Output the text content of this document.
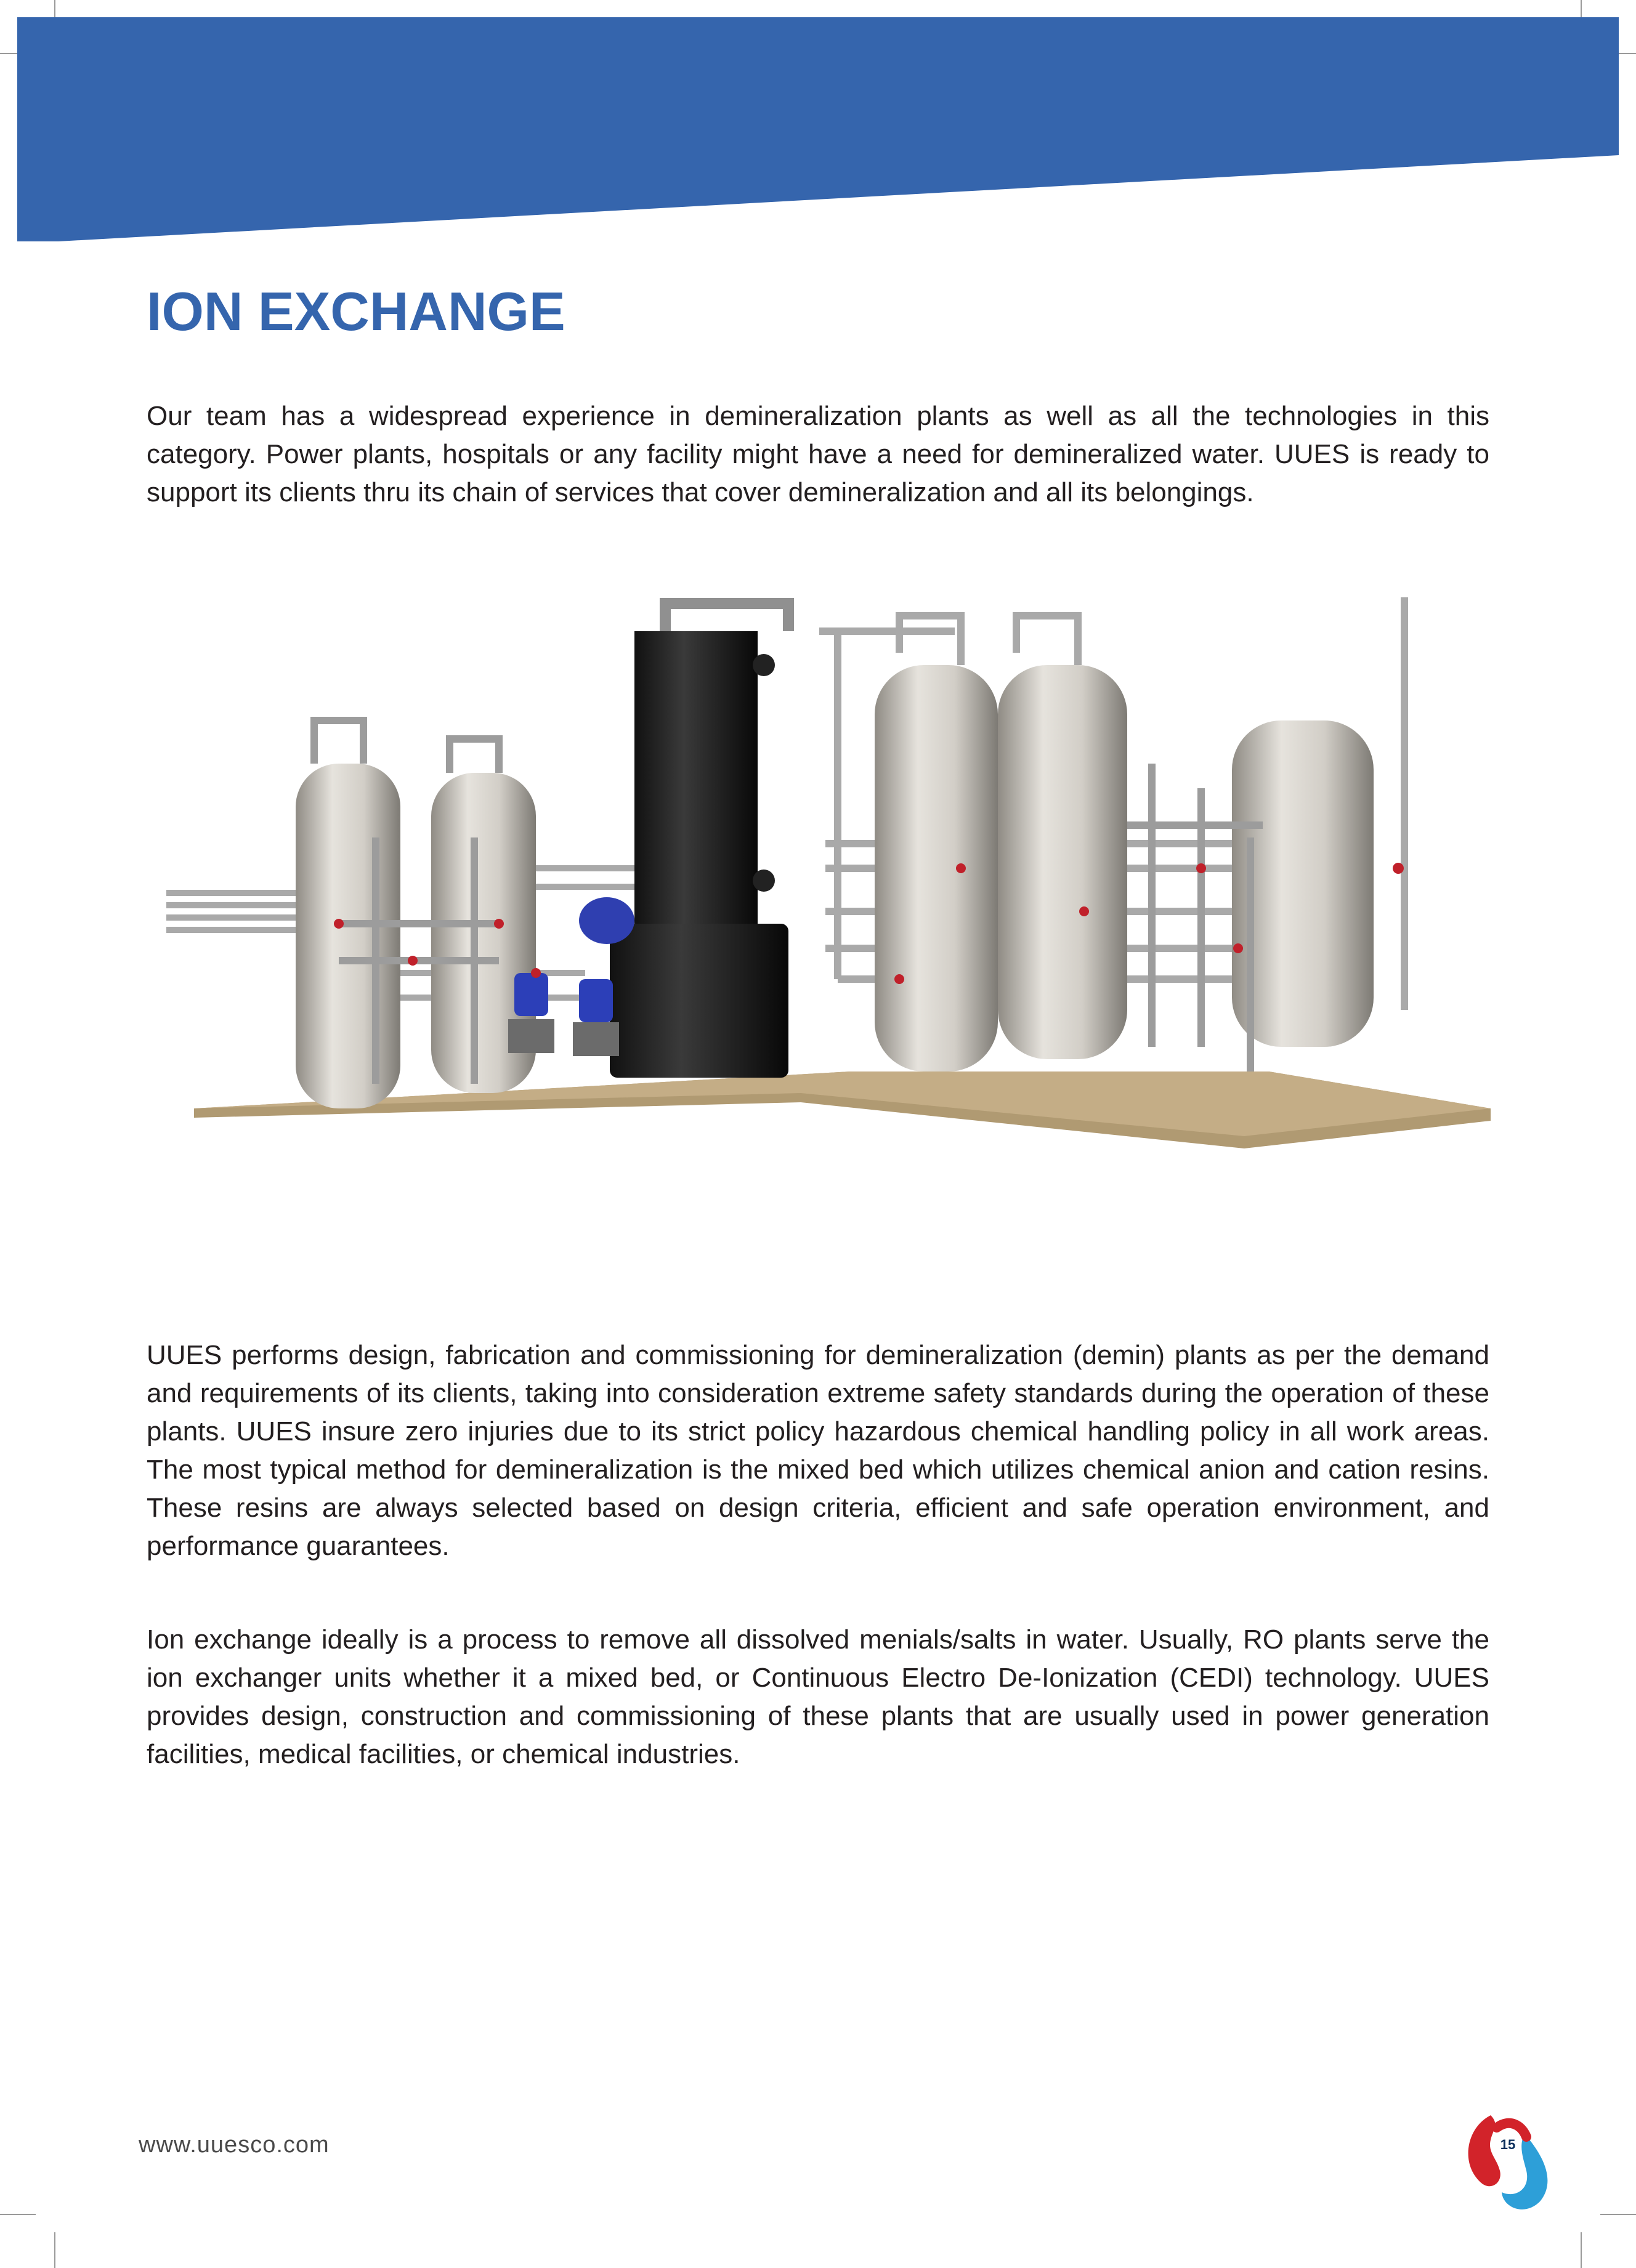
ION EXCHANGE

Our team has a widespread experience in demineralization plants as well as all the technologies in this category. Power plants, hospitals or any facility might have a need for demineralized water. UUES is ready to support its clients thru its chain of services that cover demineralization and all its belongings.

UUES performs design, fabrication and commissioning for demineralization (demin) plants as per the demand and requirements of its clients, taking into consideration extreme safety standards during the operation of these plants. UUES insure zero injuries due to its strict policy hazardous chemical handling policy in all work areas. The most typical method for demineralization is the mixed bed which utilizes chemical anion and cation resins. These resins are always selected based on design criteria, efficient and safe operation environment, and performance guarantees.

Ion exchange ideally is a process to remove all dissolved menials/salts in water. Usually, RO plants serve the ion exchanger units whether it a mixed bed, or Continuous Electro De-Ionization (CEDI) technology. UUES provides design, construction and commissioning of these plants that are usually used in power generation facilities, medical facilities, or chemical industries.

www.uuesco.com	15
